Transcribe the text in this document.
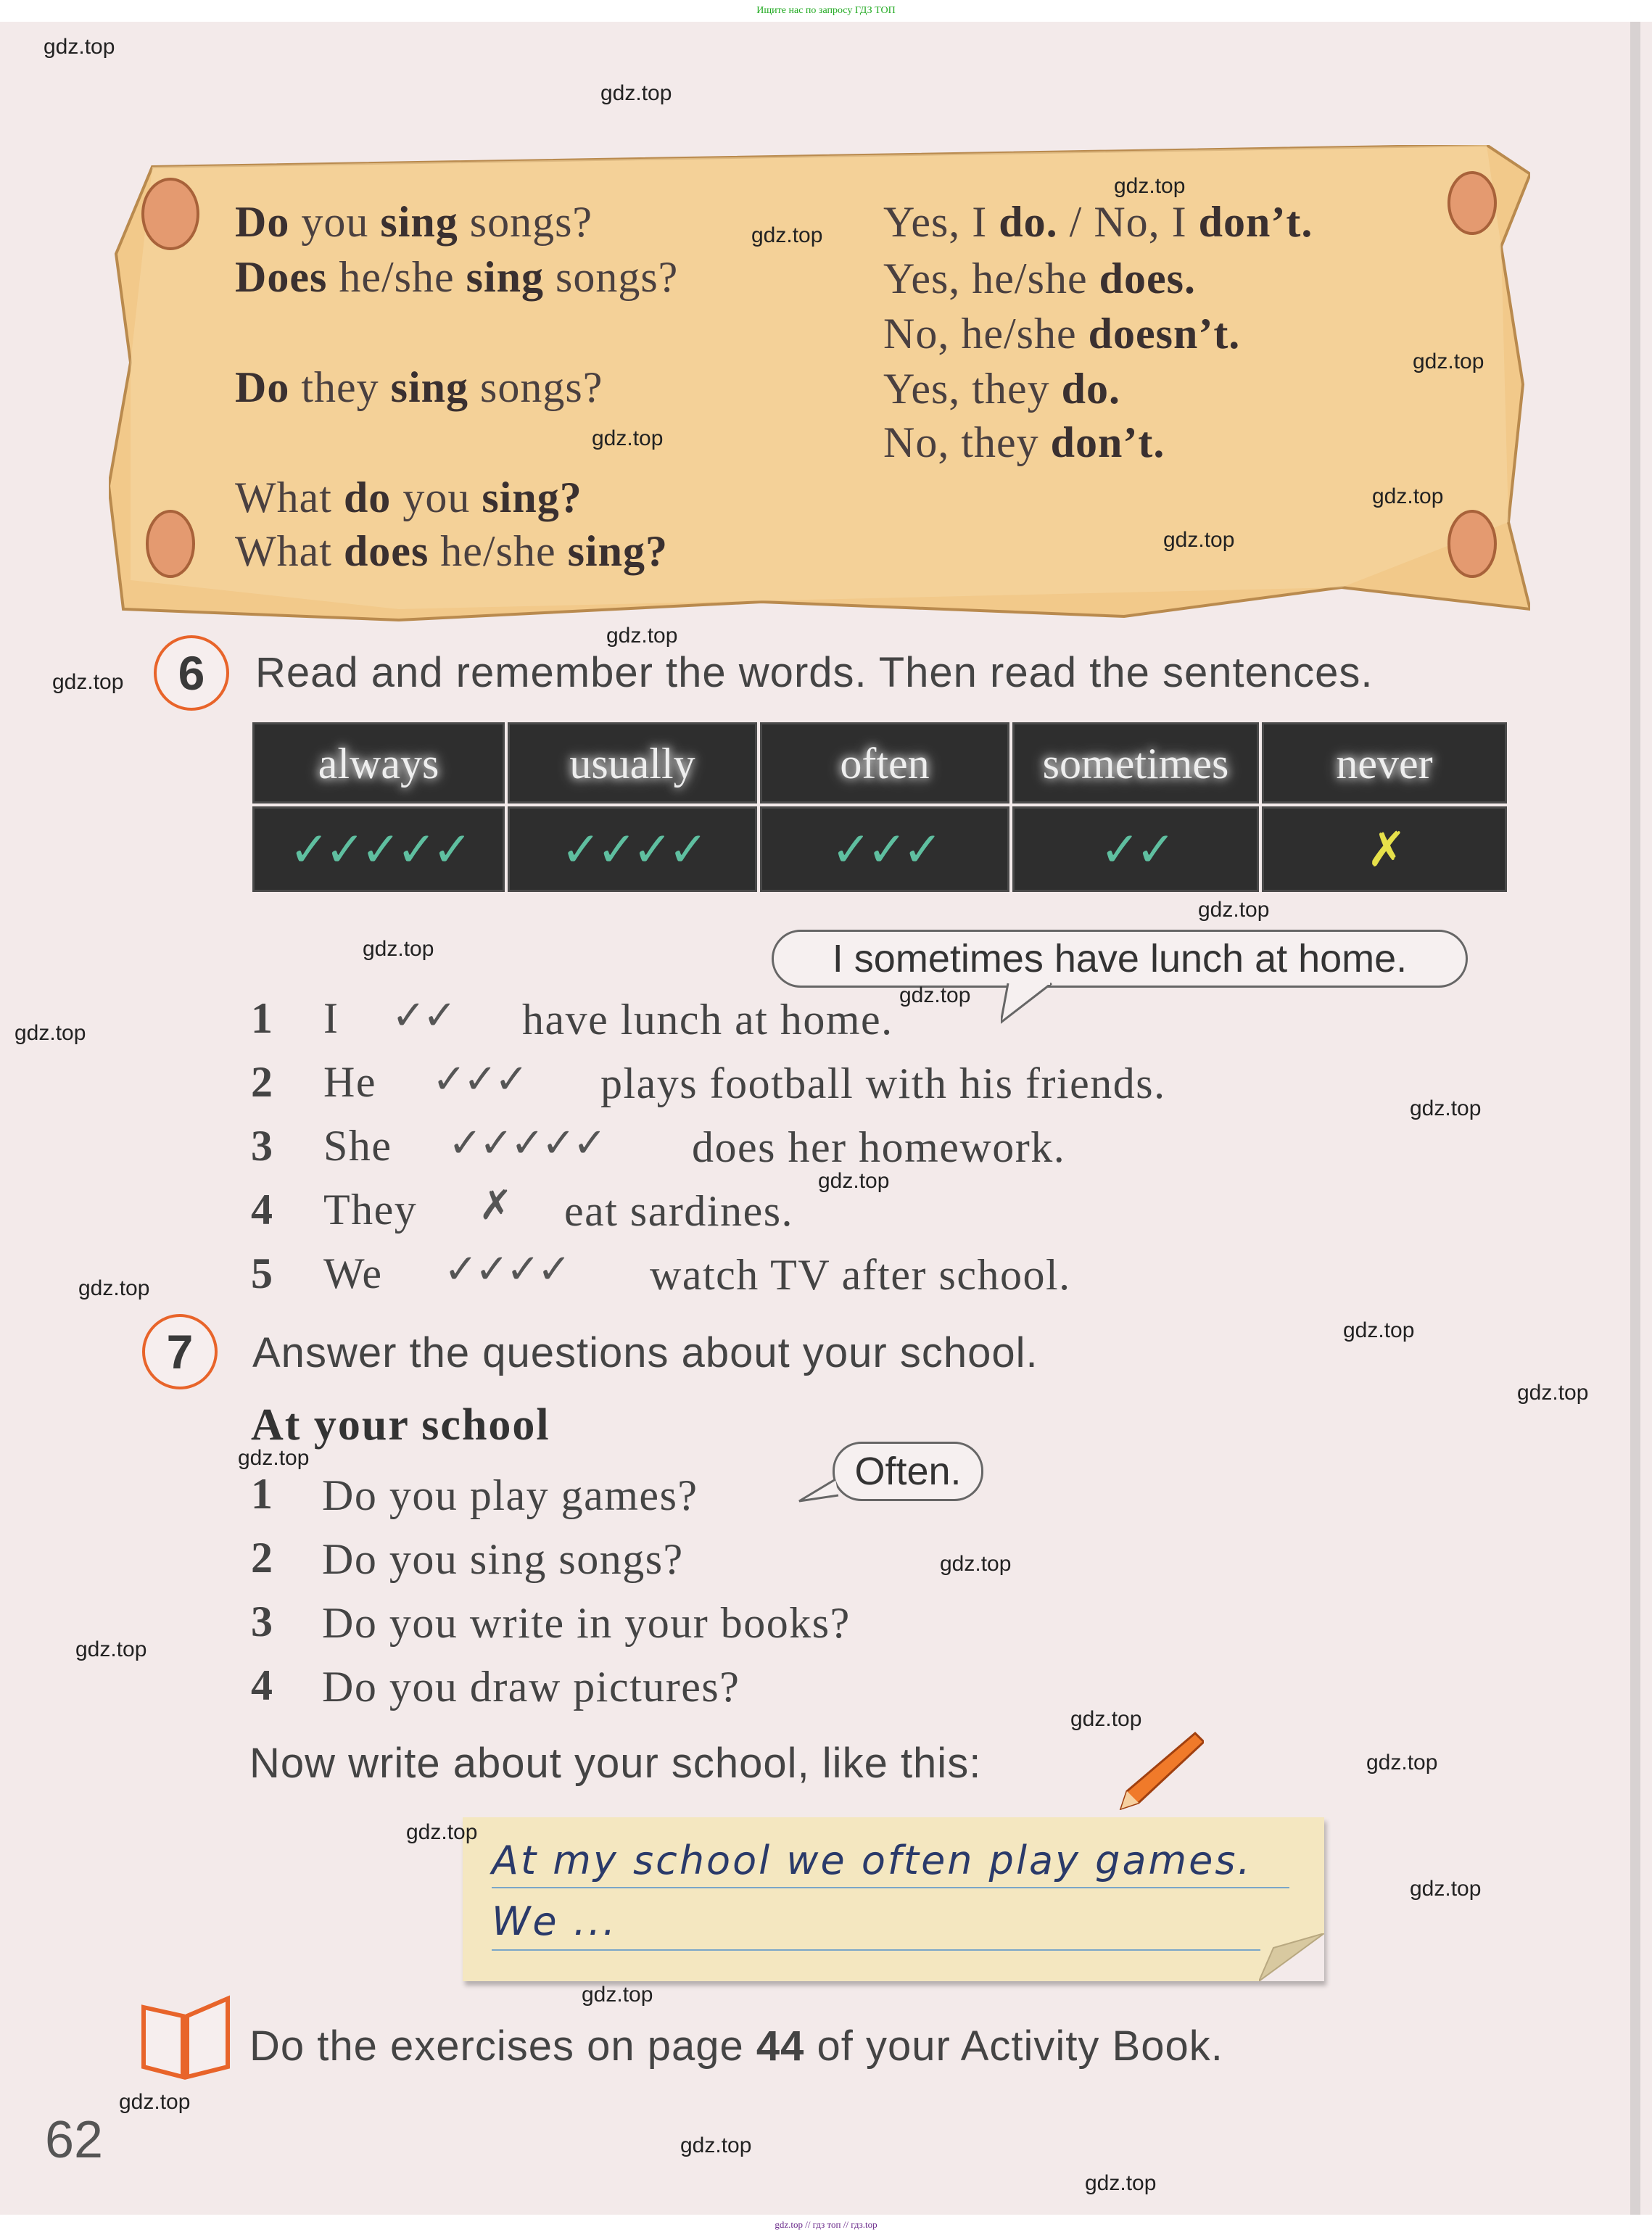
Ищите нас по запросу ГДЗ ТОП
Do you sing songs?	Yes, I do. / No, I don’t.
Does he/she sing songs?	Yes, he/she does.
No, he/she doesn’t.
Do they sing songs?	Yes, they do.
No, they don’t.
What do you sing?
What does he/she sing?
6	Read and remember the words. Then read the sentences.
always	usually	often	sometimes	never
✓✓✓✓✓	✓✓✓✓	✓✓✓	✓✓	✗
I sometimes have lunch at home.
1 I ✓✓ have lunch at home.
2 He ✓✓✓ plays football with his friends.
3 She ✓✓✓✓✓ does her homework.
4 They ✗ eat sardines.
5 We ✓✓✓✓ watch TV after school.
7	Answer the questions about your school.
At your school
1 Do you play games?	Often.
2 Do you sing songs?
3 Do you write in your books?
4 Do you draw pictures?
Now write about your school, like this:
At my school we often play games.
We ...
Do the exercises on page 44 of your Activity Book.
62
gdz.top
gdz.top
gdz.top
gdz.top
gdz.top
gdz.top
gdz.top
gdz.top
gdz.top
gdz.top
gdz.top
gdz.top
gdz.top
gdz.top
gdz.top
gdz.top
gdz.top
gdz.top
gdz.top
gdz.top
gdz.top
gdz.top
gdz.top
gdz.top
gdz.top
gdz.top
gdz.top
gdz.top
gdz.top
gdz.top
gdz.top // гдз топ // гдз.top
